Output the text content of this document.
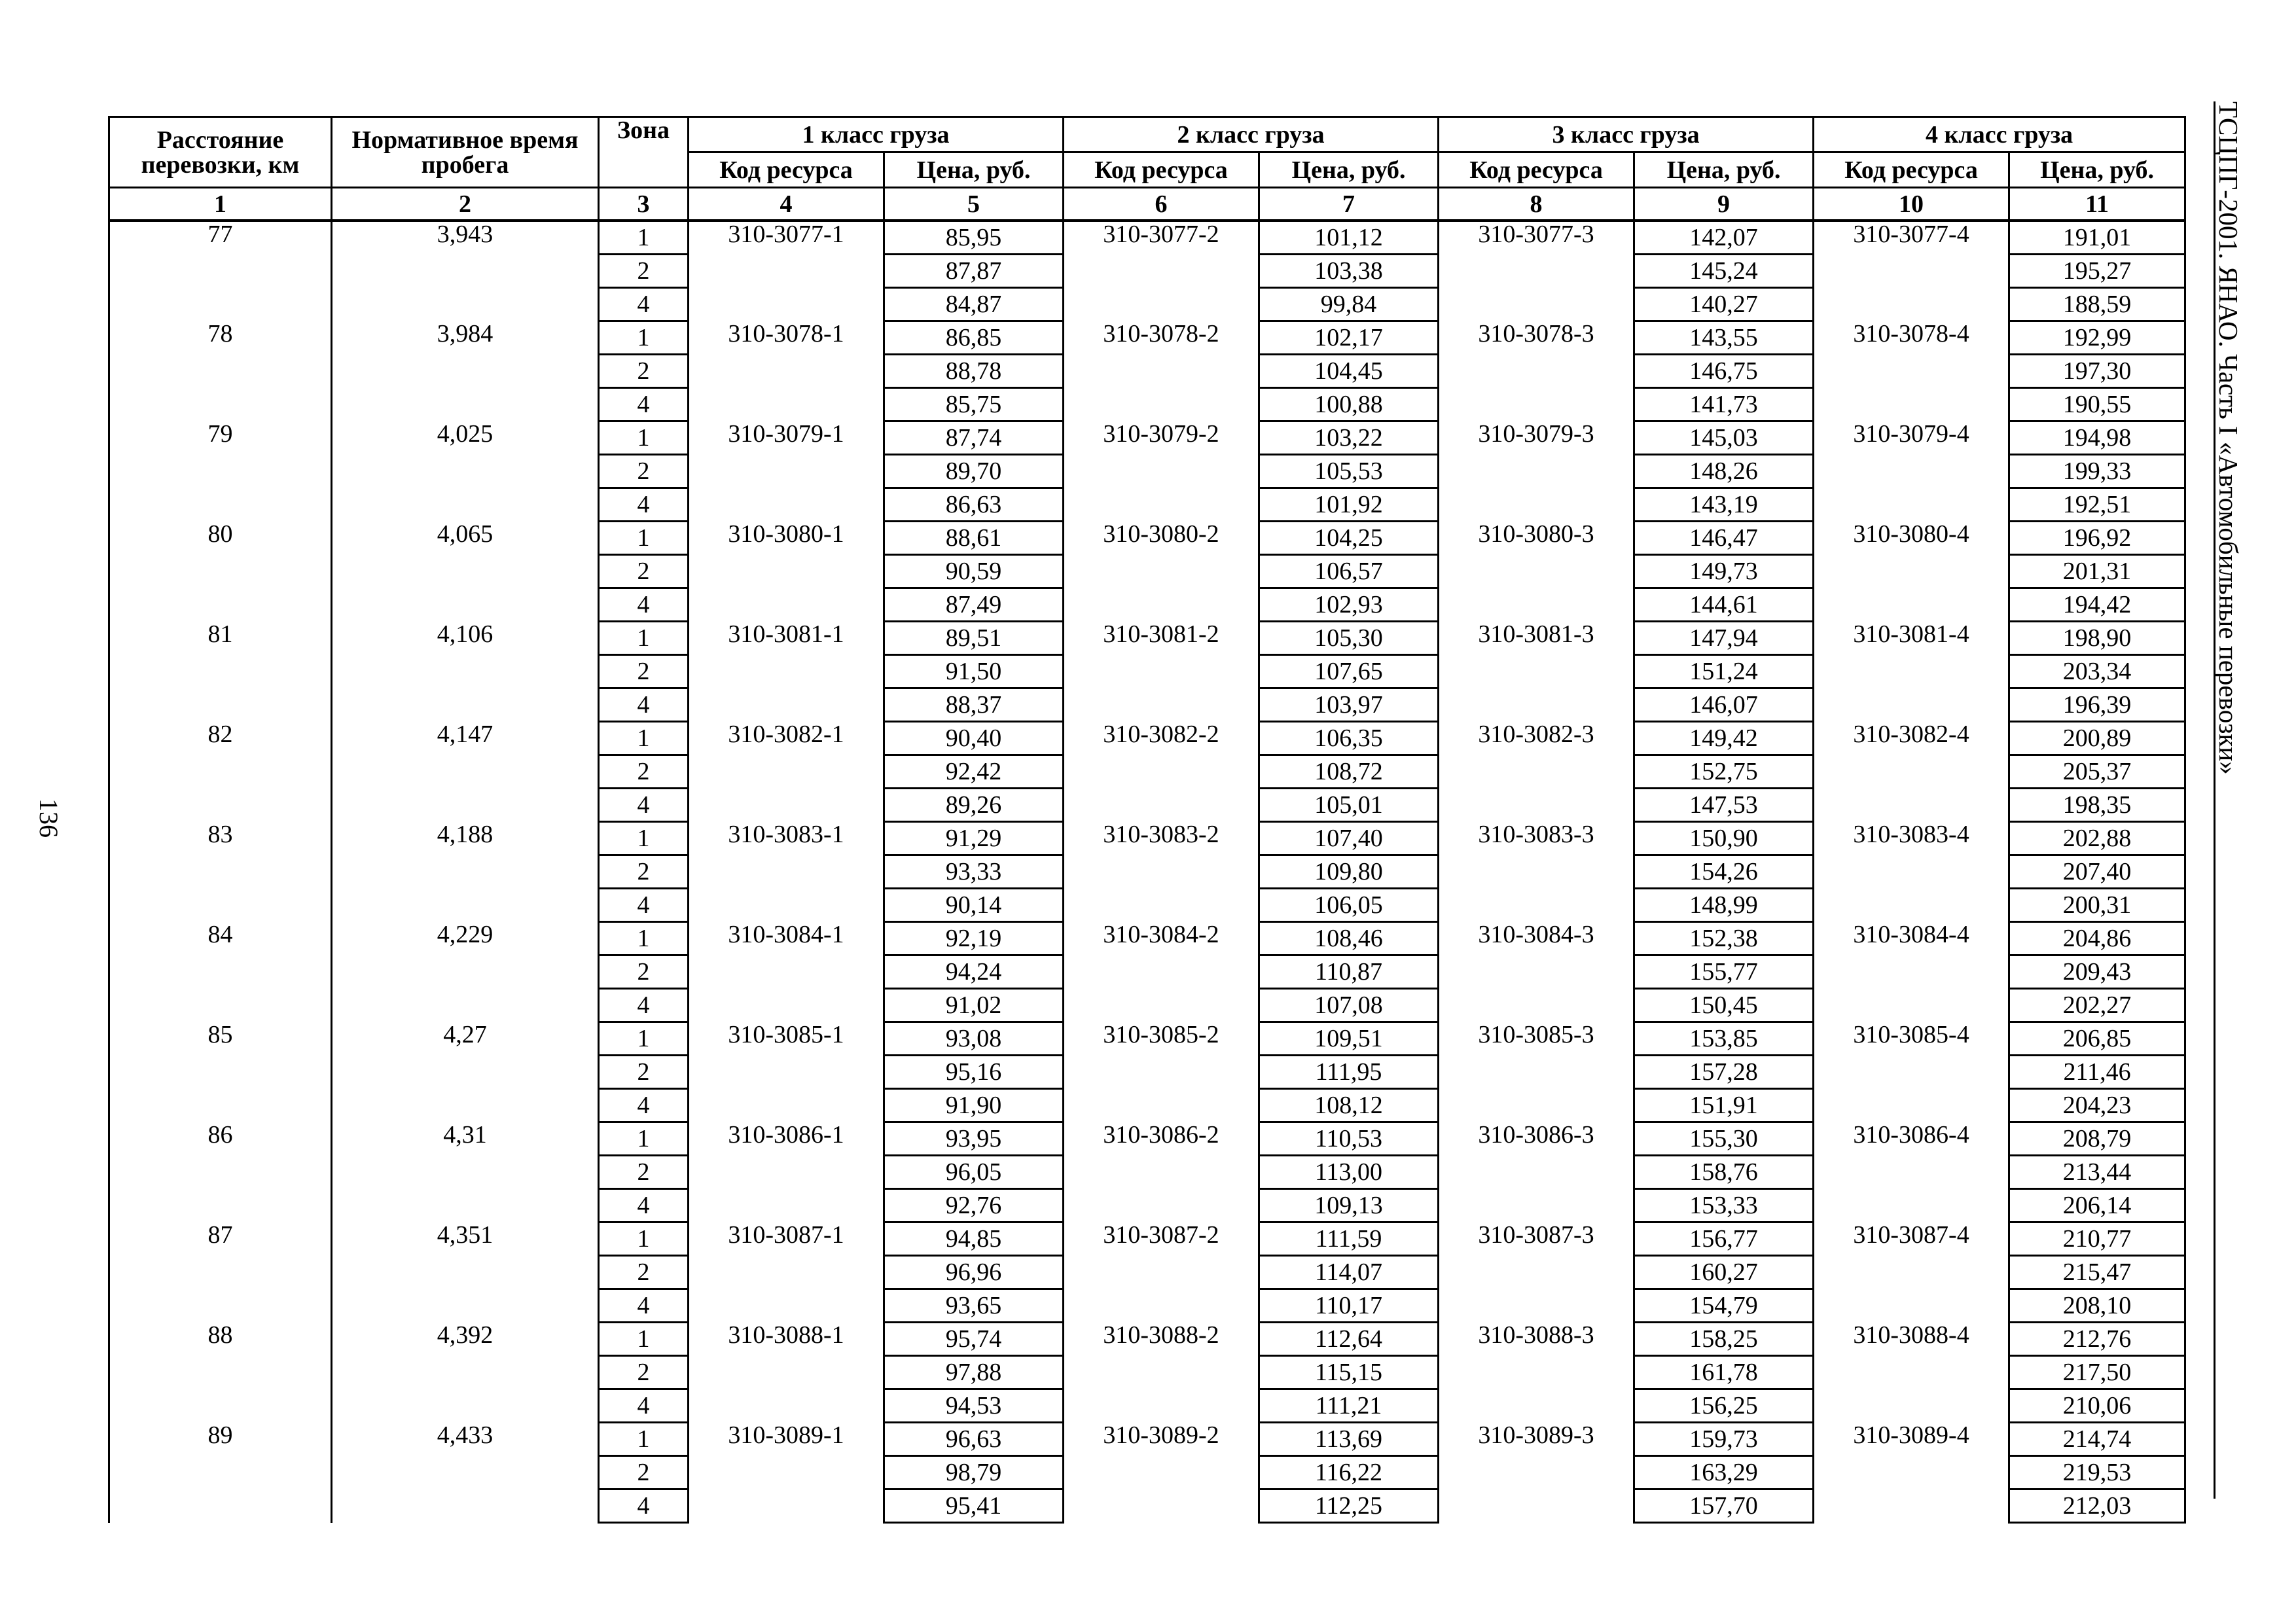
Расстояние перевозки, км	Нормативное время пробега	Зона	1 класс груза		2 класс груза		3 класс груза		4 класс груза	
			Код ресурса	Цена, руб.	Код ресурса	Цена, руб.	Код ресурса	Цена, руб.	Код ресурса	Цена, руб.
1	2	3	4	5	6	7	8	9	10	11
77	3,943	1	310-3077-1	85,95	310-3077-2	101,12	310-3077-3	142,07	310-3077-4	191,01
		2		87,87		103,38		145,24		195,27
		4		84,87		99,84		140,27		188,59
78	3,984	1	310-3078-1	86,85	310-3078-2	102,17	310-3078-3	143,55	310-3078-4	192,99
		2		88,78		104,45		146,75		197,30
		4		85,75		100,88		141,73		190,55
79	4,025	1	310-3079-1	87,74	310-3079-2	103,22	310-3079-3	145,03	310-3079-4	194,98
		2		89,70		105,53		148,26		199,33
		4		86,63		101,92		143,19		192,51
80	4,065	1	310-3080-1	88,61	310-3080-2	104,25	310-3080-3	146,47	310-3080-4	196,92
		2		90,59		106,57		149,73		201,31
		4		87,49		102,93		144,61		194,42
81	4,106	1	310-3081-1	89,51	310-3081-2	105,30	310-3081-3	147,94	310-3081-4	198,90
		2		91,50		107,65		151,24		203,34
		4		88,37		103,97		146,07		196,39
82	4,147	1	310-3082-1	90,40	310-3082-2	106,35	310-3082-3	149,42	310-3082-4	200,89
		2		92,42		108,72		152,75		205,37
		4		89,26		105,01		147,53		198,35
83	4,188	1	310-3083-1	91,29	310-3083-2	107,40	310-3083-3	150,90	310-3083-4	202,88
		2		93,33		109,80		154,26		207,40
		4		90,14		106,05		148,99		200,31
84	4,229	1	310-3084-1	92,19	310-3084-2	108,46	310-3084-3	152,38	310-3084-4	204,86
		2		94,24		110,87		155,77		209,43
		4		91,02		107,08		150,45		202,27
85	4,27	1	310-3085-1	93,08	310-3085-2	109,51	310-3085-3	153,85	310-3085-4	206,85
		2		95,16		111,95		157,28		211,46
		4		91,90		108,12		151,91		204,23
86	4,31	1	310-3086-1	93,95	310-3086-2	110,53	310-3086-3	155,30	310-3086-4	208,79
		2		96,05		113,00		158,76		213,44
		4		92,76		109,13		153,33		206,14
87	4,351	1	310-3087-1	94,85	310-3087-2	111,59	310-3087-3	156,77	310-3087-4	210,77
		2		96,96		114,07		160,27		215,47
		4		93,65		110,17		154,79		208,10
88	4,392	1	310-3088-1	95,74	310-3088-2	112,64	310-3088-3	158,25	310-3088-4	212,76
		2		97,88		115,15		161,78		217,50
		4		94,53		111,21		156,25		210,06
89	4,433	1	310-3089-1	96,63	310-3089-2	113,69	310-3089-3	159,73	310-3089-4	214,74
		2		98,79		116,22		163,29		219,53
		4		95,41		112,25		157,70		212,03
136
ТСЦПГ-2001. ЯНАО. Часть I «Автомобильные перевозки»
